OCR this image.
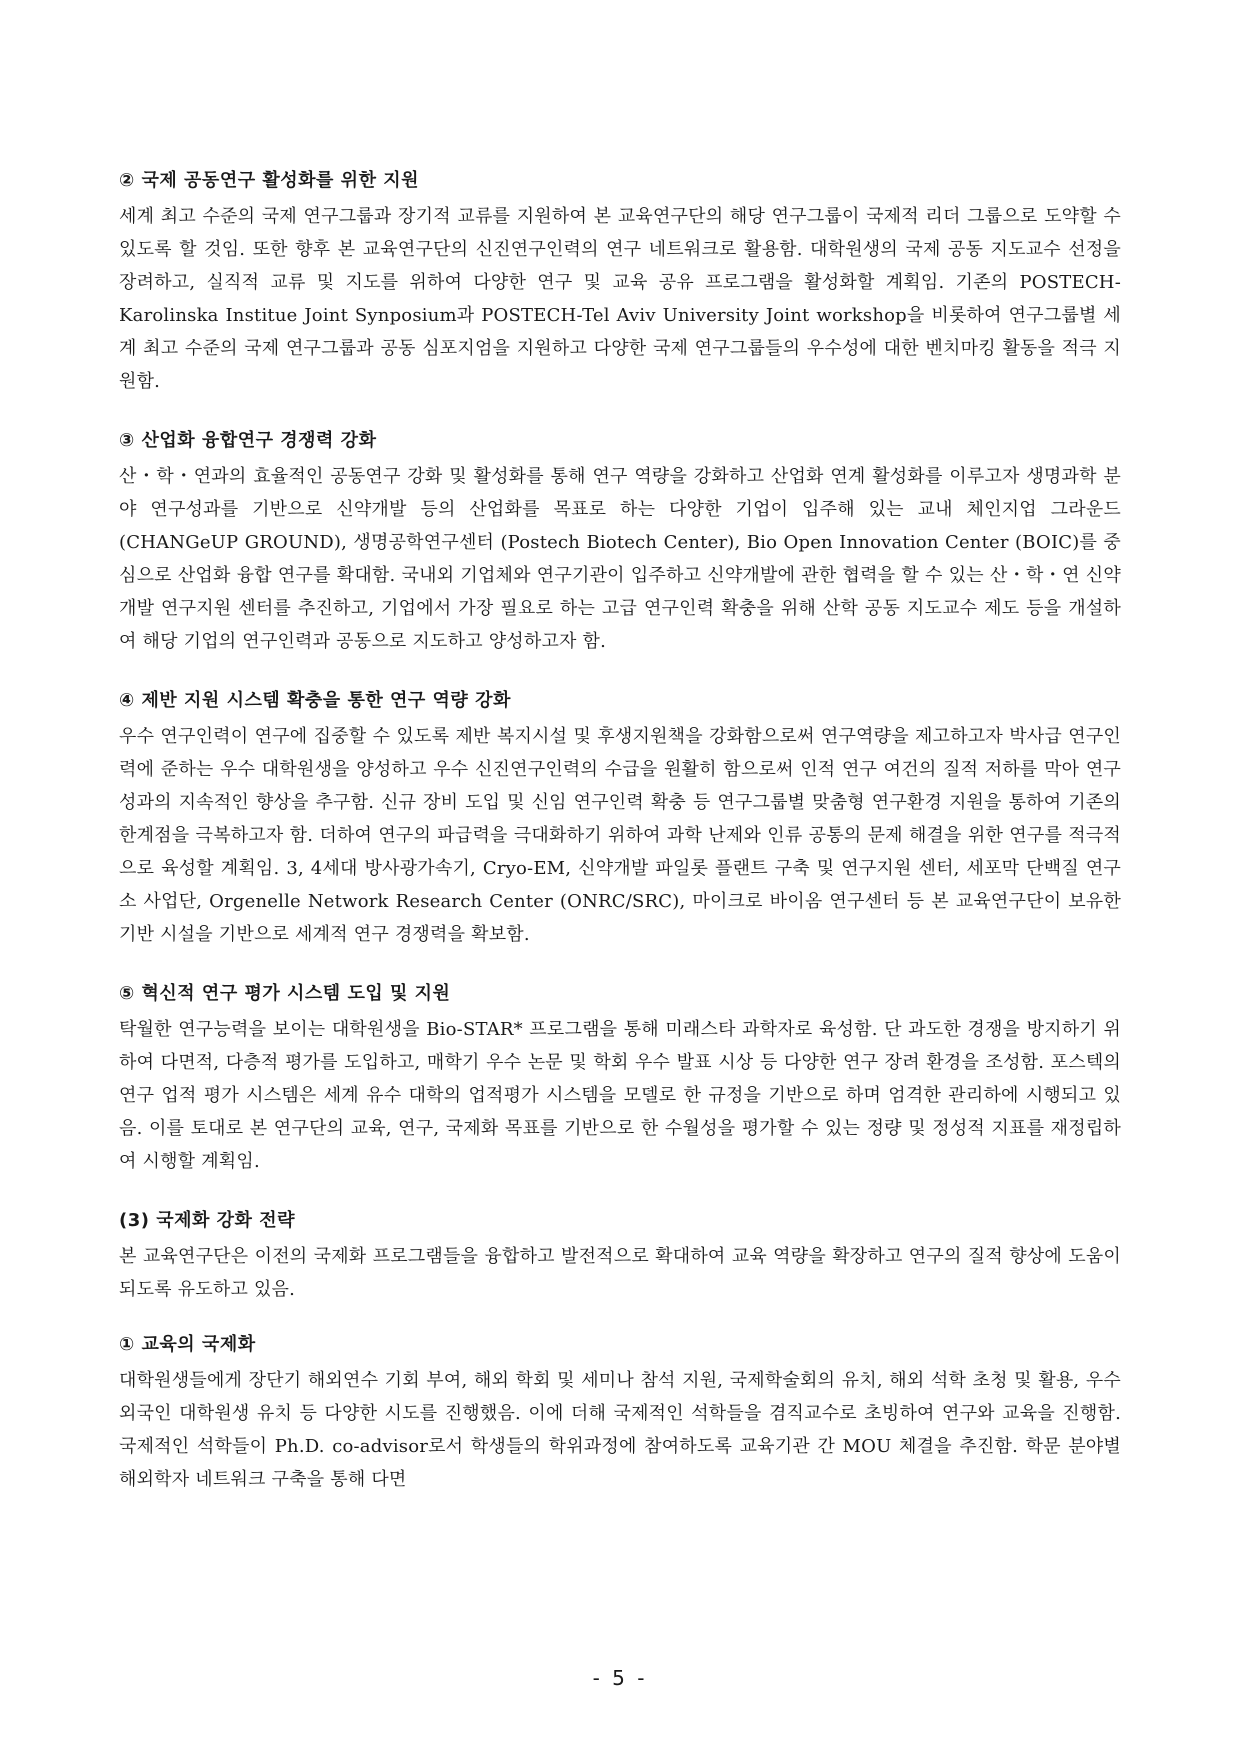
② 국제 공동연구 활성화를 위한 지원

세계 최고 수준의 국제 연구그룹과 장기적 교류를 지원하여 본 교육연구단의 해당 연구그룹이 국제적 리더 그룹으로 도약할 수 있도록 할 것임. 또한 향후 본 교육연구단의 신진연구인력의 연구 네트워크로 활용함. 대학원생의 국제 공동 지도교수 선정을 장려하고, 실직적 교류 및 지도를 위하여 다양한 연구 및 교육 공유 프로그램을 활성화할 계획임. 기존의 POSTECH-Karolinska Institue Joint Synposium과 POSTECH-Tel Aviv University Joint workshop을 비롯하여 연구그룹별 세계 최고 수준의 국제 연구그룹과 공동 심포지엄을 지원하고 다양한 국제 연구그룹들의 우수성에 대한 벤치마킹 활동을 적극 지원함.

③ 산업화 융합연구 경쟁력 강화

산・학・연과의 효율적인 공동연구 강화 및 활성화를 통해 연구 역량을 강화하고 산업화 연계 활성화를 이루고자 생명과학 분야 연구성과를 기반으로 신약개발 등의 산업화를 목표로 하는 다양한 기업이 입주해 있는 교내 체인지업 그라운드 (CHANGeUP GROUND), 생명공학연구센터 (Postech Biotech Center), Bio Open Innovation Center (BOIC)를 중심으로 산업화 융합 연구를 확대함. 국내외 기업체와 연구기관이 입주하고 신약개발에 관한 협력을 할 수 있는 산・학・연 신약개발 연구지원 센터를 추진하고, 기업에서 가장 필요로 하는 고급 연구인력 확충을 위해 산학 공동 지도교수 제도 등을 개설하여 해당 기업의 연구인력과 공동으로 지도하고 양성하고자 함.

④ 제반 지원 시스템 확충을 통한 연구 역량 강화

우수 연구인력이 연구에 집중할 수 있도록 제반 복지시설 및 후생지원책을 강화함으로써 연구역량을 제고하고자 박사급 연구인력에 준하는 우수 대학원생을 양성하고 우수 신진연구인력의 수급을 원활히 함으로써 인적 연구 여건의 질적 저하를 막아 연구성과의 지속적인 향상을 추구함. 신규 장비 도입 및 신임 연구인력 확충 등 연구그룹별 맞춤형 연구환경 지원을 통하여 기존의 한계점을 극복하고자 함. 더하여 연구의 파급력을 극대화하기 위하여 과학 난제와 인류 공통의 문제 해결을 위한 연구를 적극적으로 육성할 계획임. 3, 4세대 방사광가속기, Cryo-EM, 신약개발 파일롯 플랜트 구축 및 연구지원 센터, 세포막 단백질 연구소 사업단, Orgenelle Network Research Center (ONRC/SRC), 마이크로 바이옴 연구센터 등 본 교육연구단이 보유한 기반 시설을 기반으로 세계적 연구 경쟁력을 확보함.

⑤ 혁신적 연구 평가 시스템 도입 및 지원

탁월한 연구능력을 보이는 대학원생을 Bio-STAR* 프로그램을 통해 미래스타 과학자로 육성함. 단 과도한 경쟁을 방지하기 위하여 다면적, 다층적 평가를 도입하고, 매학기 우수 논문 및 학회 우수 발표 시상 등 다양한 연구 장려 환경을 조성함. 포스텍의 연구 업적 평가 시스템은 세계 유수 대학의 업적평가 시스템을 모델로 한 규정을 기반으로 하며 엄격한 관리하에 시행되고 있음. 이를 토대로 본 연구단의 교육, 연구, 국제화 목표를 기반으로 한 수월성을 평가할 수 있는 정량 및 정성적 지표를 재정립하여 시행할 계획임.

(3) 국제화 강화 전략

본 교육연구단은 이전의 국제화 프로그램들을 융합하고 발전적으로 확대하여 교육 역량을 확장하고 연구의 질적 향상에 도움이 되도록 유도하고 있음.

① 교육의 국제화

대학원생들에게 장단기 해외연수 기회 부여, 해외 학회 및 세미나 참석 지원, 국제학술회의 유치, 해외 석학 초청 및 활용, 우수 외국인 대학원생 유치 등 다양한 시도를 진행했음. 이에 더해 국제적인 석학들을 겸직교수로 초빙하여 연구와 교육을 진행함. 국제적인 석학들이 Ph.D. co-advisor로서 학생들의 학위과정에 참여하도록 교육기관 간 MOU 체결을 추진함. 학문 분야별 해외학자 네트워크 구축을 통해 다면

- 5 -
